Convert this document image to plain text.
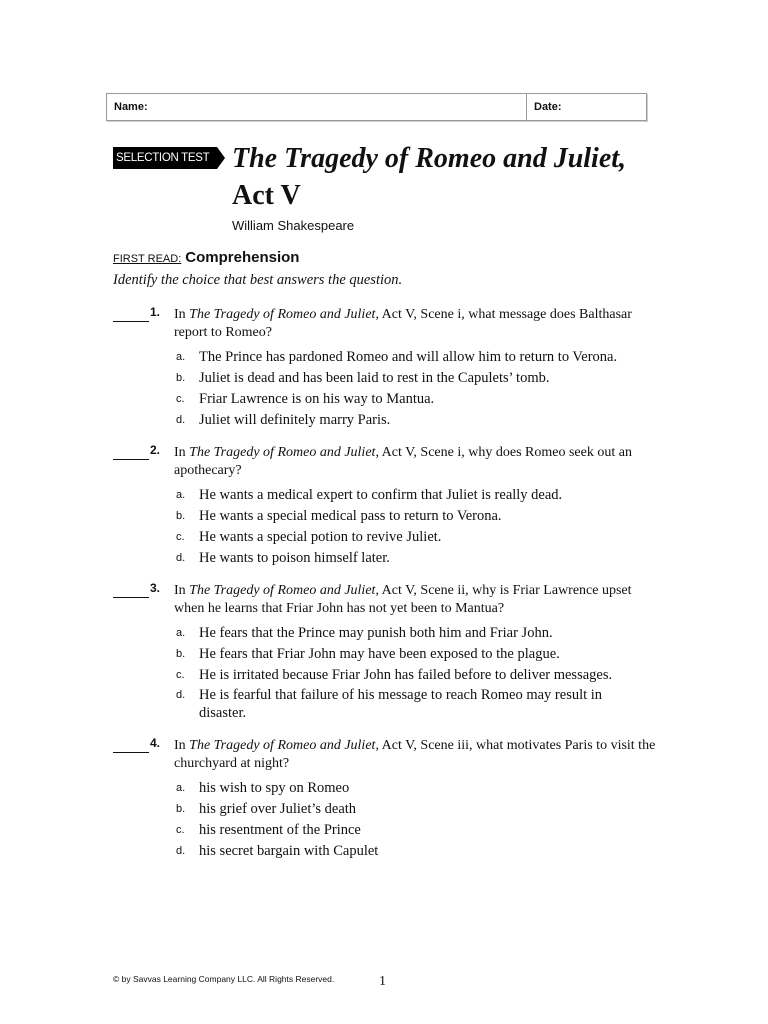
Name:	Date:
SELECTION TEST The Tragedy of Romeo and Juliet,
Act V
William Shakespeare
FIRST READ: Comprehension
Identify the choice that best answers the question.
1. In The Tragedy of Romeo and Juliet, Act V, Scene i, what message does Balthasar report to Romeo?
a. The Prince has pardoned Romeo and will allow him to return to Verona.
b. Juliet is dead and has been laid to rest in the Capulets’ tomb.
c. Friar Lawrence is on his way to Mantua.
d. Juliet will definitely marry Paris.
2. In The Tragedy of Romeo and Juliet, Act V, Scene i, why does Romeo seek out an apothecary?
a. He wants a medical expert to confirm that Juliet is really dead.
b. He wants a special medical pass to return to Verona.
c. He wants a special potion to revive Juliet.
d. He wants to poison himself later.
3. In The Tragedy of Romeo and Juliet, Act V, Scene ii, why is Friar Lawrence upset when he learns that Friar John has not yet been to Mantua?
a. He fears that the Prince may punish both him and Friar John.
b. He fears that Friar John may have been exposed to the plague.
c. He is irritated because Friar John has failed before to deliver messages.
d. He is fearful that failure of his message to reach Romeo may result in disaster.
4. In The Tragedy of Romeo and Juliet, Act V, Scene iii, what motivates Paris to visit the churchyard at night?
a. his wish to spy on Romeo
b. his grief over Juliet’s death
c. his resentment of the Prince
d. his secret bargain with Capulet
© by Savvas Learning Company LLC. All Rights Reserved.	1
